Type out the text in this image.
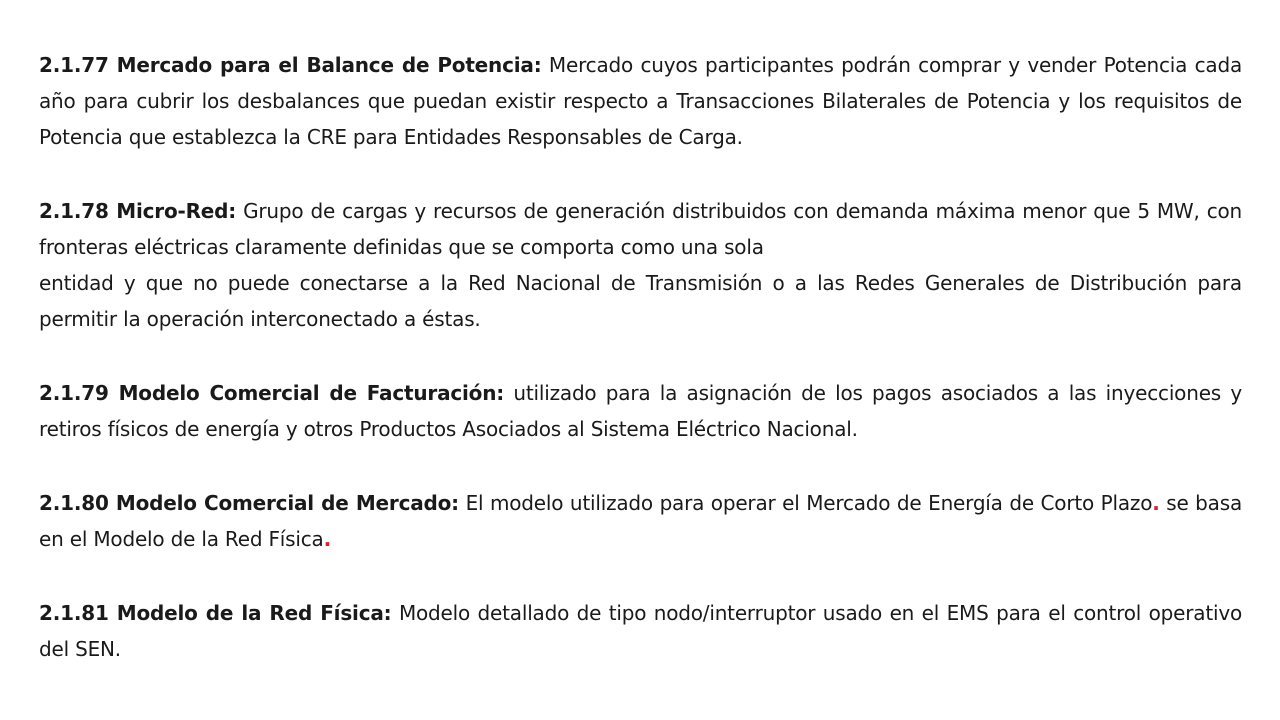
2.1.77 Mercado para el Balance de Potencia: Mercado cuyos participantes podrán comprar y vender Potencia cada año para cubrir los desbalances que puedan existir respecto a Transacciones Bilaterales de Potencia y los requisitos de Potencia que establezca la CRE para Entidades Responsables de Carga.

2.1.78 Micro-Red: Grupo de cargas y recursos de generación distribuidos con demanda máxima menor que 5 MW, con fronteras eléctricas claramente definidas que se comporta como una sola
entidad y que no puede conectarse a la Red Nacional de Transmisión o a las Redes Generales de Distribución para permitir la operación interconectado a éstas.

2.1.79 Modelo Comercial de Facturación: utilizado para la asignación de los pagos asociados a las inyecciones y retiros físicos de energía y otros Productos Asociados al Sistema Eléctrico Nacional.

2.1.80 Modelo Comercial de Mercado: El modelo utilizado para operar el Mercado de Energía de Corto Plazo. se basa en el Modelo de la Red Física.

2.1.81 Modelo de la Red Física: Modelo detallado de tipo nodo/interruptor usado en el EMS para el control operativo del SEN.
